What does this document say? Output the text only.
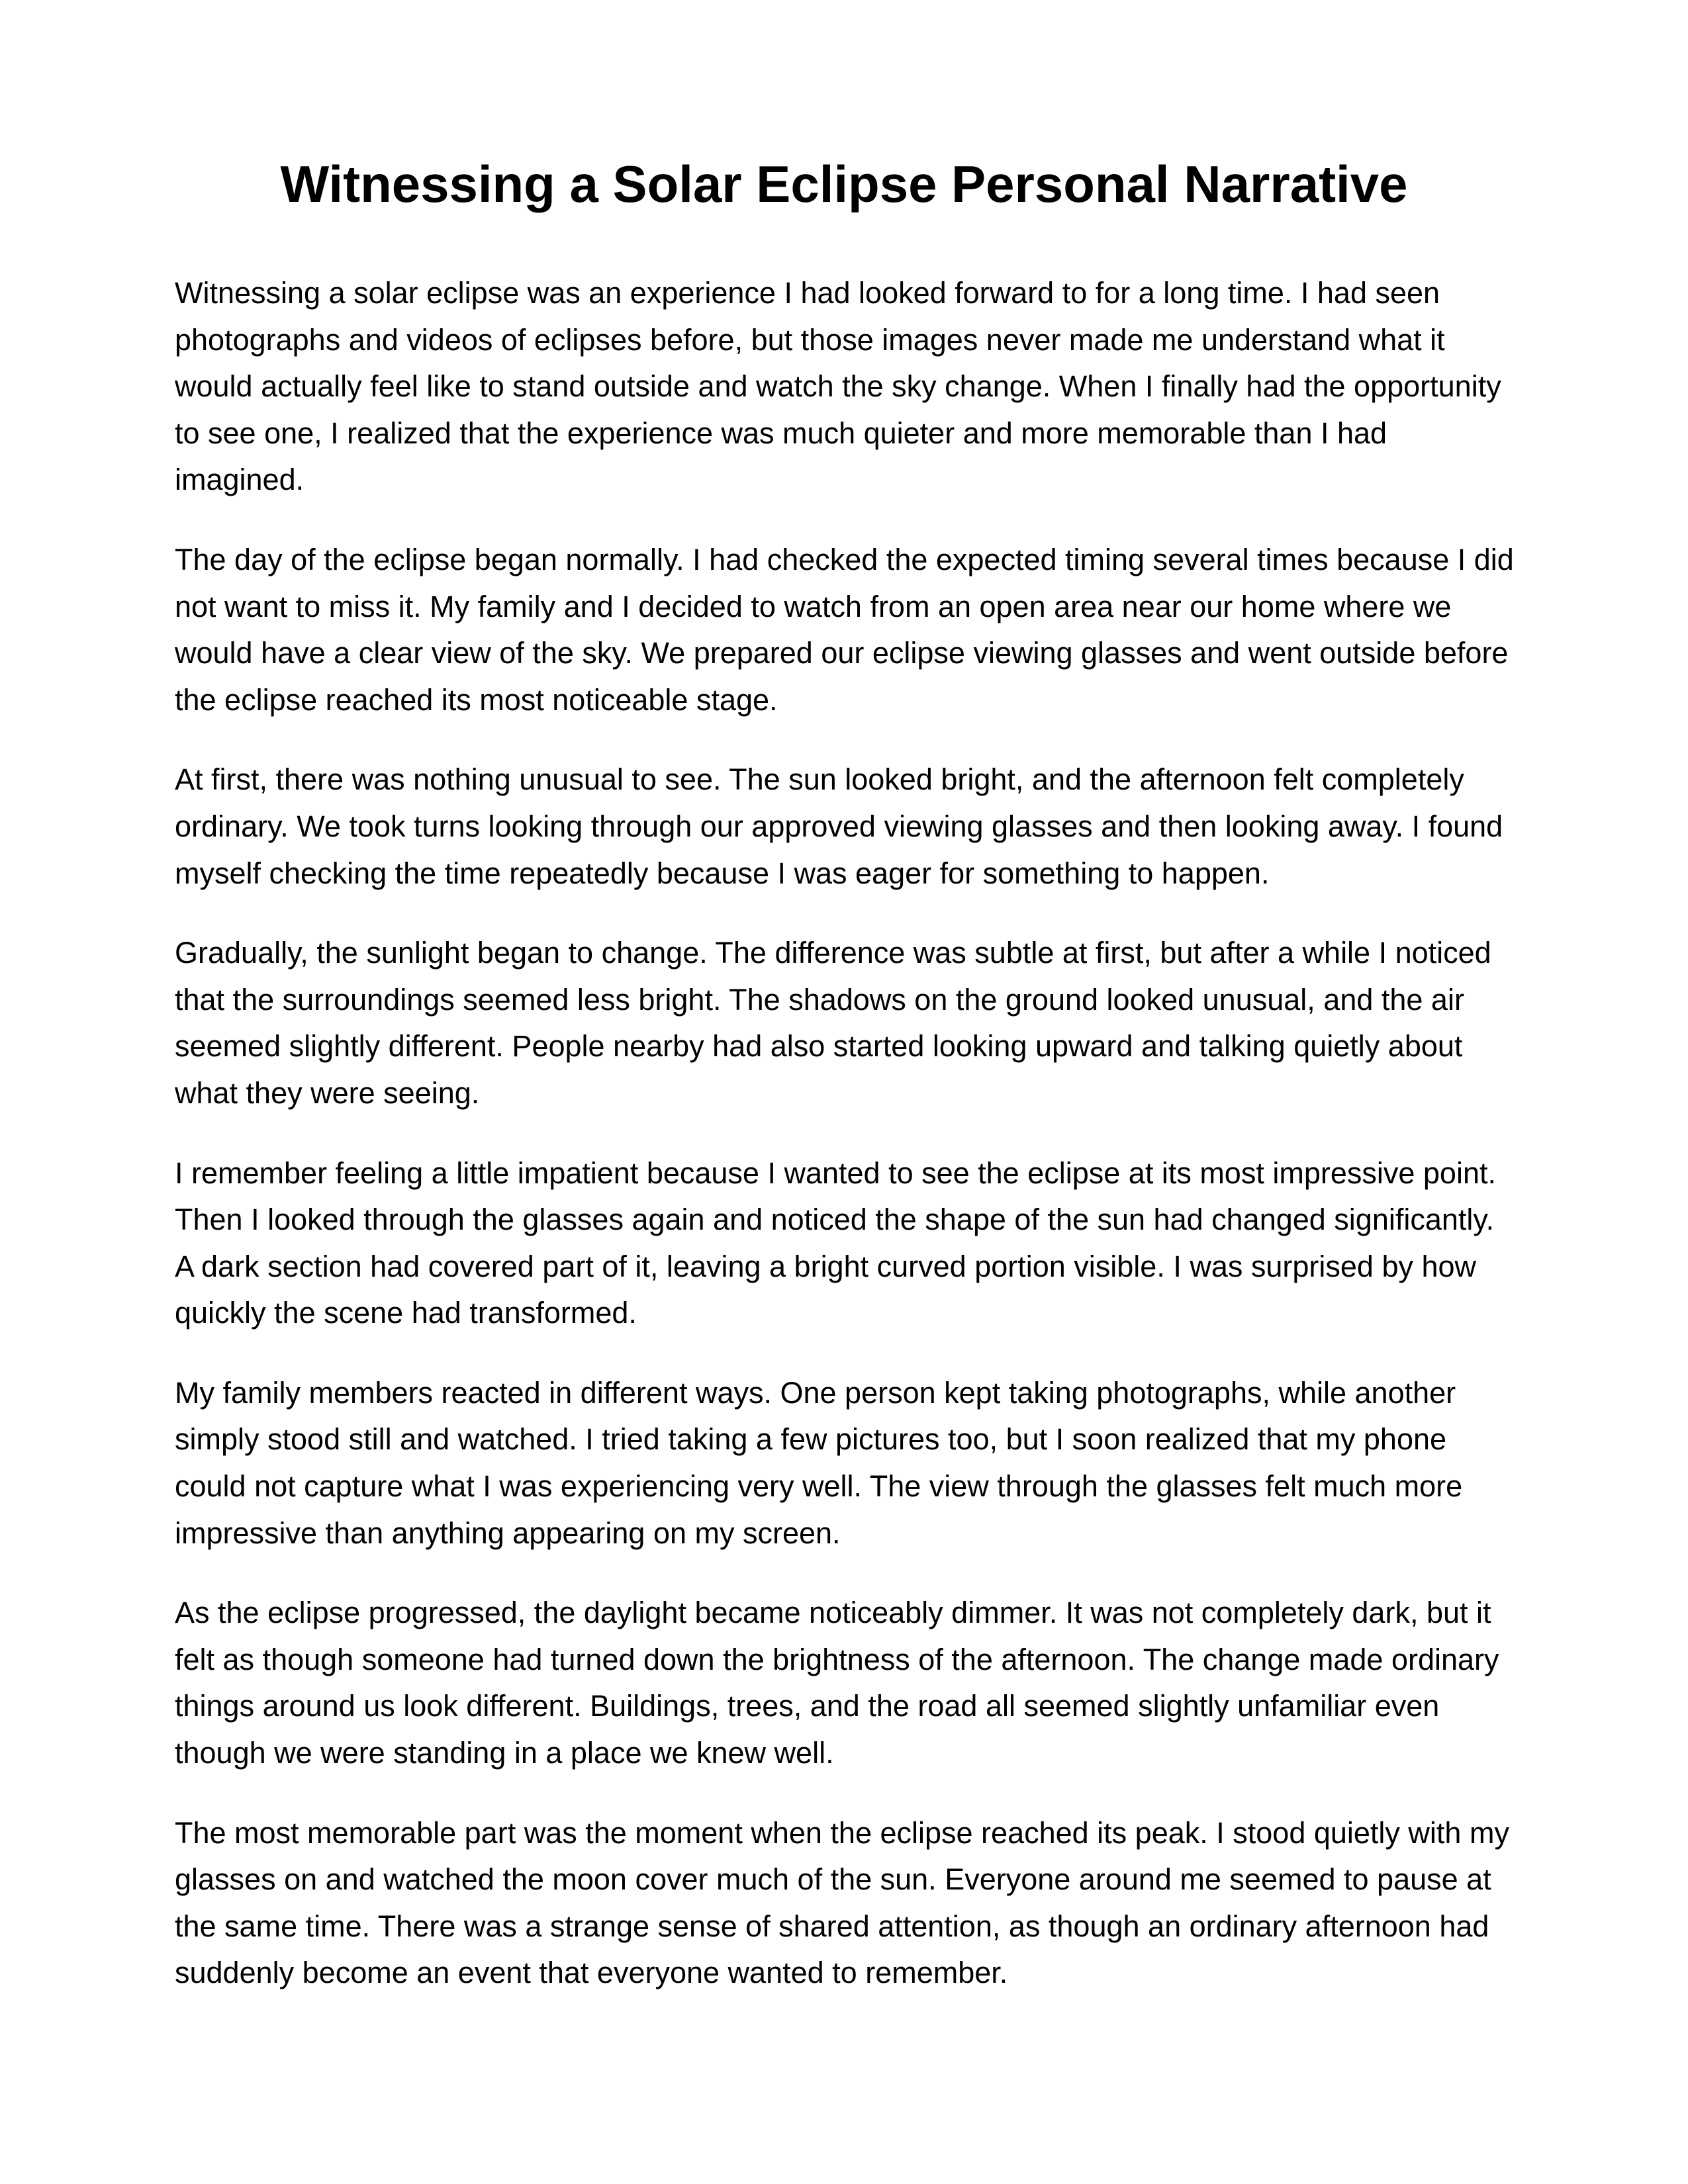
Witnessing a Solar Eclipse Personal Narrative

Witnessing a solar eclipse was an experience I had looked forward to for a long time. I had seen photographs and videos of eclipses before, but those images never made me understand what it would actually feel like to stand outside and watch the sky change. When I finally had the opportunity to see one, I realized that the experience was much quieter and more memorable than I had imagined.

The day of the eclipse began normally. I had checked the expected timing several times because I did not want to miss it. My family and I decided to watch from an open area near our home where we would have a clear view of the sky. We prepared our eclipse viewing glasses and went outside before the eclipse reached its most noticeable stage.

At first, there was nothing unusual to see. The sun looked bright, and the afternoon felt completely ordinary. We took turns looking through our approved viewing glasses and then looking away. I found myself checking the time repeatedly because I was eager for something to happen.

Gradually, the sunlight began to change. The difference was subtle at first, but after a while I noticed that the surroundings seemed less bright. The shadows on the ground looked unusual, and the air seemed slightly different. People nearby had also started looking upward and talking quietly about what they were seeing.

I remember feeling a little impatient because I wanted to see the eclipse at its most impressive point. Then I looked through the glasses again and noticed the shape of the sun had changed significantly. A dark section had covered part of it, leaving a bright curved portion visible. I was surprised by how quickly the scene had transformed.

My family members reacted in different ways. One person kept taking photographs, while another simply stood still and watched. I tried taking a few pictures too, but I soon realized that my phone could not capture what I was experiencing very well. The view through the glasses felt much more impressive than anything appearing on my screen.

As the eclipse progressed, the daylight became noticeably dimmer. It was not completely dark, but it felt as though someone had turned down the brightness of the afternoon. The change made ordinary things around us look different. Buildings, trees, and the road all seemed slightly unfamiliar even though we were standing in a place we knew well.

The most memorable part was the moment when the eclipse reached its peak. I stood quietly with my glasses on and watched the moon cover much of the sun. Everyone around me seemed to pause at the same time. There was a strange sense of shared attention, as though an ordinary afternoon had suddenly become an event that everyone wanted to remember.
